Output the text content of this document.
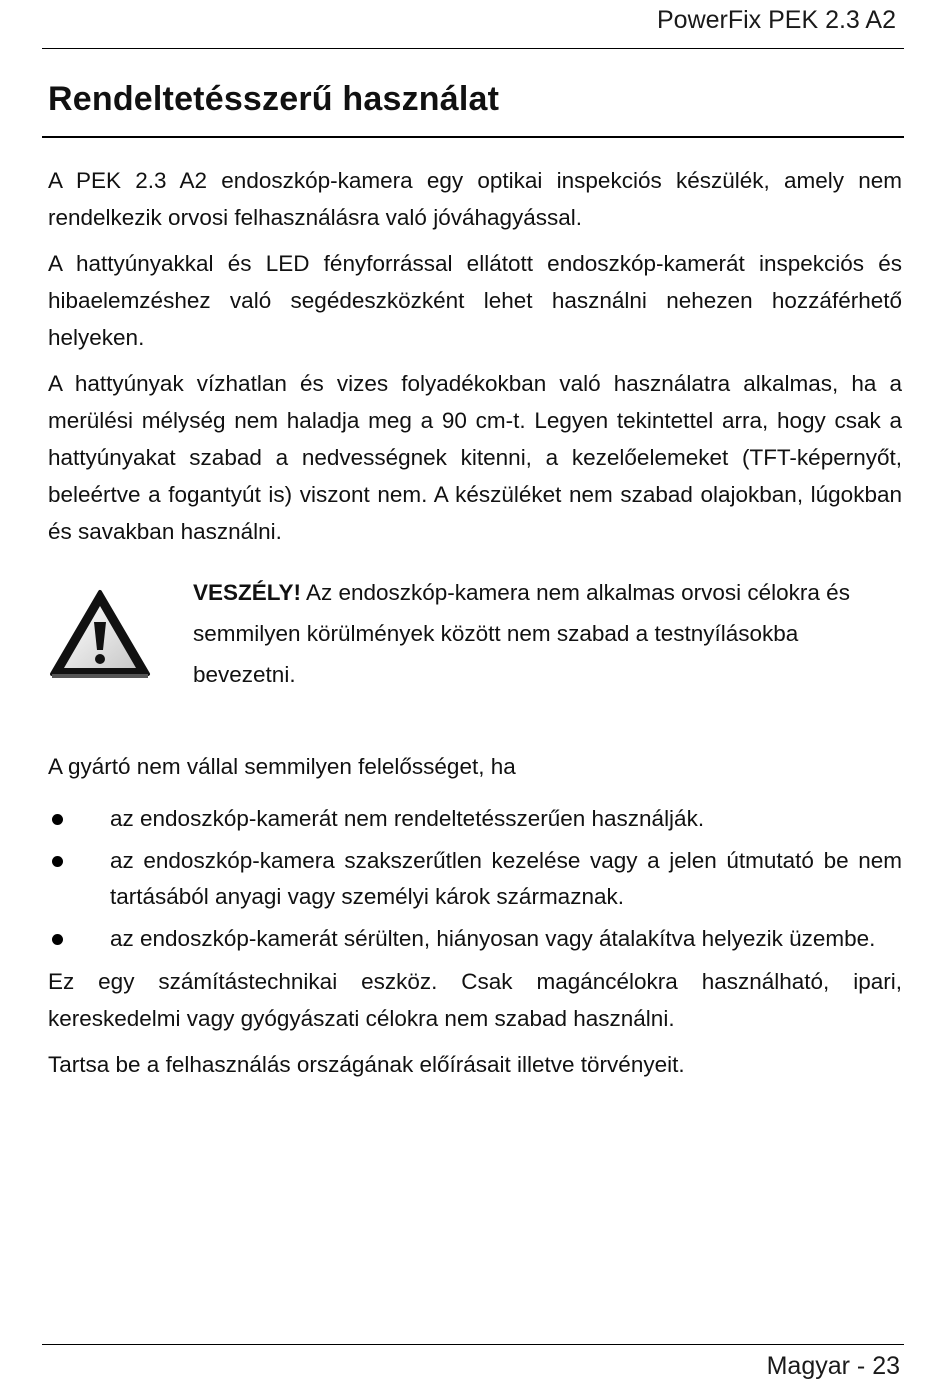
PowerFix PEK 2.3 A2
Rendeltetésszerű használat

A PEK 2.3 A2 endoszkóp-kamera egy optikai inspekciós készülék, amely nem rendelkezik orvosi felhasználásra való jóváhagyással.

A hattyúnyakkal és LED fényforrással ellátott endoszkóp-kamerát inspekciós és hibaelemzéshez való segédeszközként lehet használni nehezen hozzáférhető helyeken.

A hattyúnyak vízhatlan és vizes folyadékokban való használatra alkalmas, ha a merülési mélység nem haladja meg a 90 cm-t. Legyen tekintettel arra, hogy csak a hattyúnyakat szabad a nedvességnek kitenni, a kezelőelemeket (TFT-képernyőt, beleértve a fogantyút is) viszont nem. A készüléket nem szabad olajokban, lúgokban és savakban használni.

VESZÉLY! Az endoszkóp-kamera nem alkalmas orvosi célokra és semmilyen körülmények között nem szabad a testnyílásokba bevezetni.

A gyártó nem vállal semmilyen felelősséget, ha

az endoszkóp-kamerát nem rendeltetésszerűen használják.
az endoszkóp-kamera szakszerűtlen kezelése vagy a jelen útmutató be nem tartásából anyagi vagy személyi károk származnak.
az endoszkóp-kamerát sérülten, hiányosan vagy átalakítva helyezik üzembe.

Ez egy számítástechnikai eszköz. Csak magáncélokra használható, ipari, kereskedelmi vagy gyógyászati célokra nem szabad használni.

Tartsa be a felhasználás országának előírásait illetve törvényeit.

Magyar - 23
